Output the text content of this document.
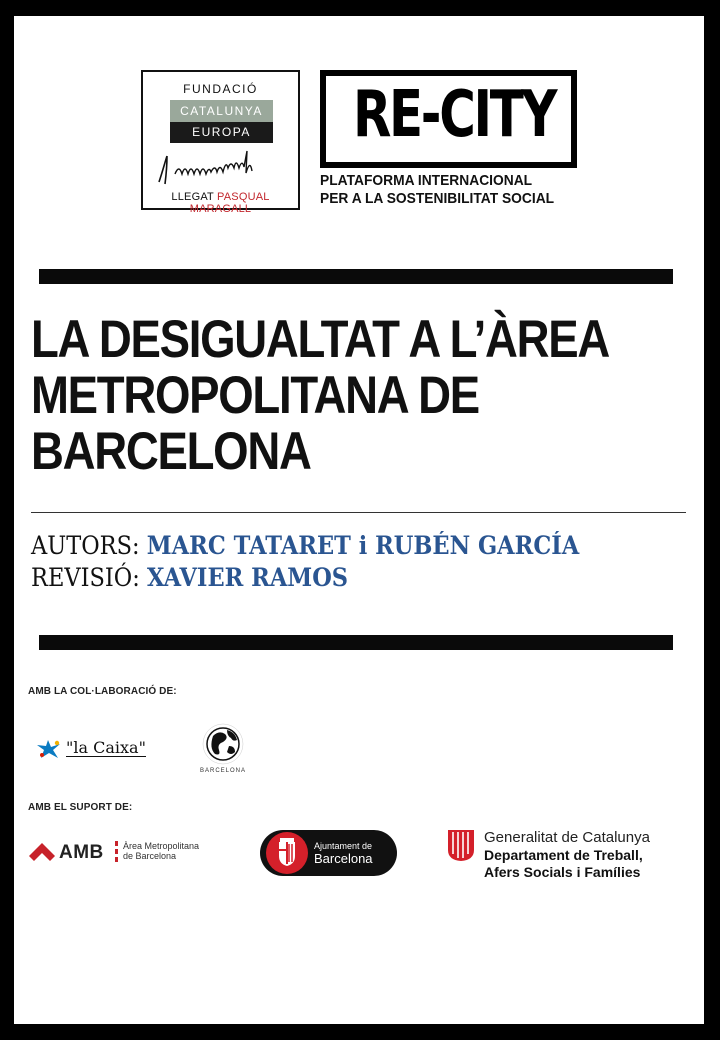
FUNDACIÓ
CATALUNYA
EUROPA
LLEGAT PASQUAL MARAGALL
RE-CITY
PLATAFORMA INTERNACIONAL
PER A LA SOSTENIBILITAT SOCIAL
LA DESIGUALTAT A L’ÀREA
METROPOLITANA DE
BARCELONA
AUTORS: MARC TATARET i RUBÉN GARCÍA
REVISIÓ: XAVIER RAMOS
AMB LA COL·LABORACIÓ DE:
"la Caixa"
BARCELONA
AMB EL SUPORT DE:
AMB Àrea Metropolitana
de Barcelona
Ajuntament de
Barcelona
Generalitat de Catalunya
Departament de Treball,
Afers Socials i Famílies
